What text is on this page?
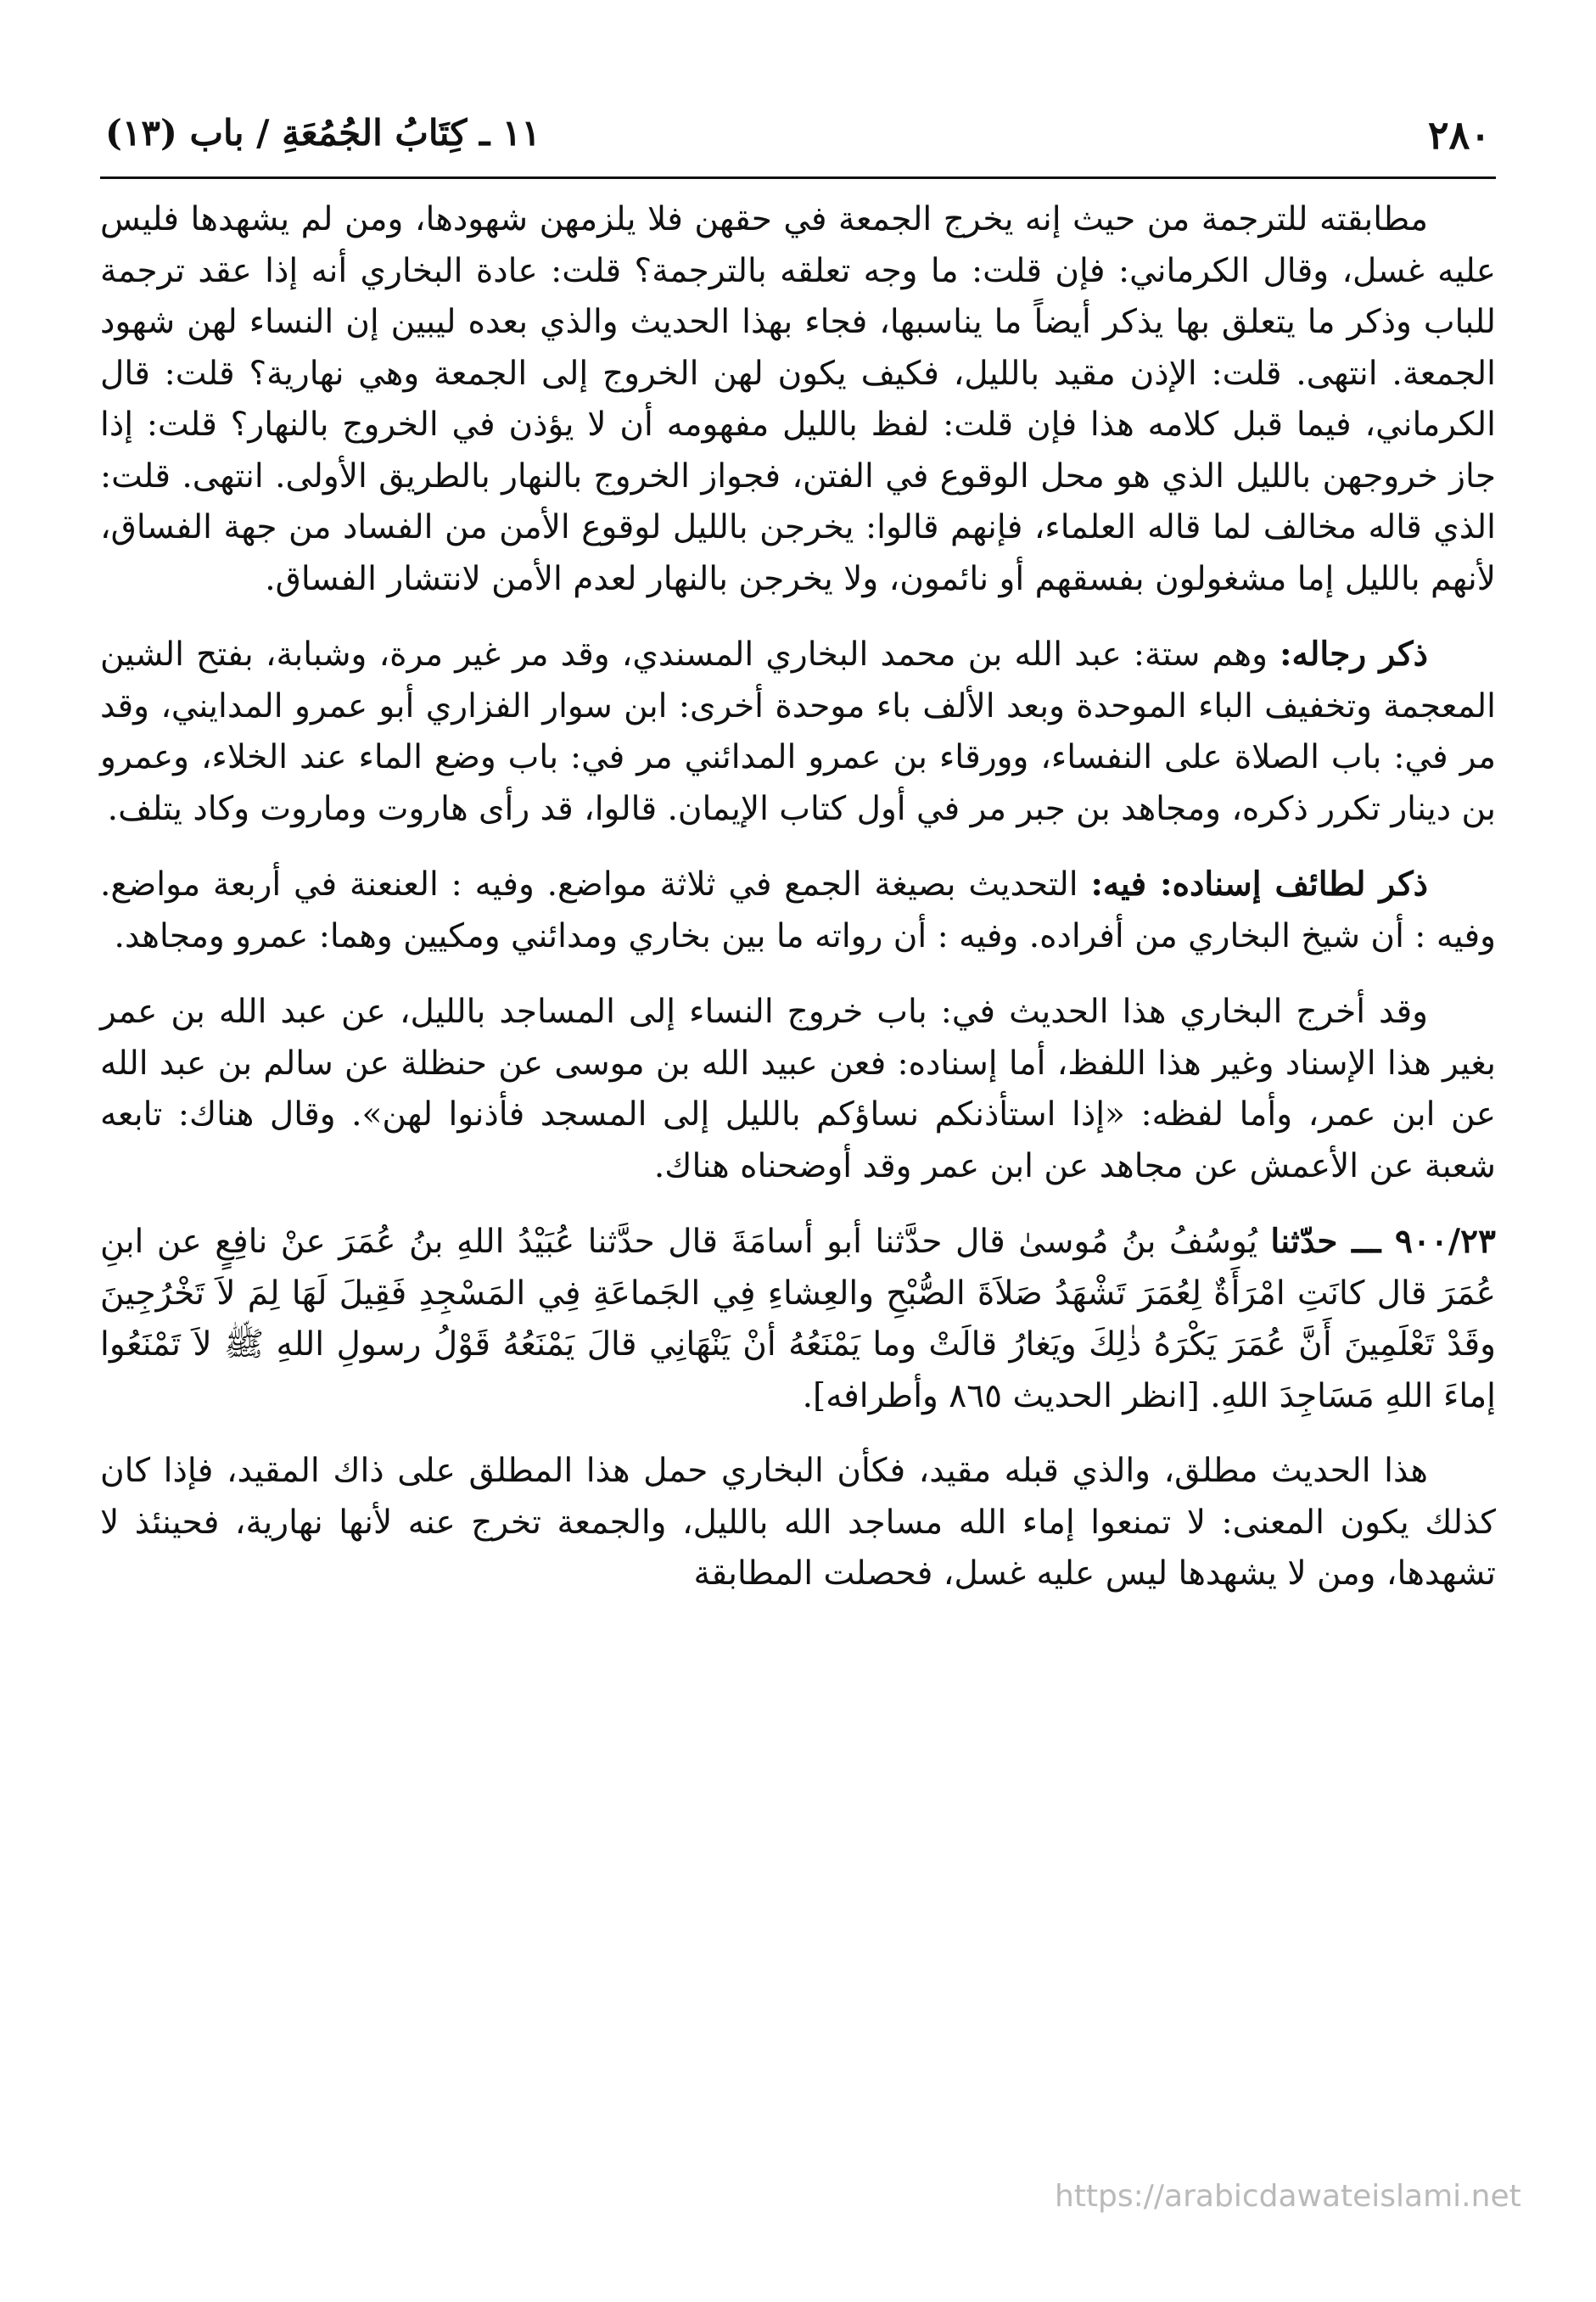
٢٨٠
١١ ـ كِتَابُ الجُمُعَةِ / باب (١٣)

مطابقته للترجمة من حيث إنه يخرج الجمعة في حقهن فلا يلزمهن شهودها، ومن لم يشهدها فليس عليه غسل، وقال الكرماني: فإن قلت: ما وجه تعلقه بالترجمة؟ قلت: عادة البخاري أنه إذا عقد ترجمة للباب وذكر ما يتعلق بها يذكر أيضاً ما يناسبها، فجاء بهذا الحديث والذي بعده ليبين إن النساء لهن شهود الجمعة. انتهى. قلت: الإذن مقيد بالليل، فكيف يكون لهن الخروج إلى الجمعة وهي نهارية؟ قلت: قال الكرماني، فيما قبل كلامه هذا فإن قلت: لفظ بالليل مفهومه أن لا يؤذن في الخروج بالنهار؟ قلت: إذا جاز خروجهن بالليل الذي هو محل الوقوع في الفتن، فجواز الخروج بالنهار بالطريق الأولى. انتهى. قلت: الذي قاله مخالف لما قاله العلماء، فإنهم قالوا: يخرجن بالليل لوقوع الأمن من الفساد من جهة الفساق، لأنهم بالليل إما مشغولون بفسقهم أو نائمون، ولا يخرجن بالنهار لعدم الأمن لانتشار الفساق.

ذكر رجاله: وهم ستة: عبد الله بن محمد البخاري المسندي، وقد مر غير مرة، وشبابة، بفتح الشين المعجمة وتخفيف الباء الموحدة وبعد الألف باء موحدة أخرى: ابن سوار الفزاري أبو عمرو المدايني، وقد مر في: باب الصلاة على النفساء، وورقاء بن عمرو المدائني مر في: باب وضع الماء عند الخلاء، وعمرو بن دينار تكرر ذكره، ومجاهد بن جبر مر في أول كتاب الإيمان. قالوا، قد رأى هاروت وماروت وكاد يتلف.

ذكر لطائف إسناده: فيه: التحديث بصيغة الجمع في ثلاثة مواضع. وفيه : العنعنة في أربعة مواضع. وفيه : أن شيخ البخاري من أفراده. وفيه : أن رواته ما بين بخاري ومدائني ومكيين وهما: عمرو ومجاهد.

وقد أخرج البخاري هذا الحديث في: باب خروج النساء إلى المساجد بالليل، عن عبد الله بن عمر بغير هذا الإسناد وغير هذا اللفظ، أما إسناده: فعن عبيد الله بن موسى عن حنظلة عن سالم بن عبد الله عن ابن عمر، وأما لفظه: «إذا استأذنكم نساؤكم بالليل إلى المسجد فأذنوا لهن». وقال هناك: تابعه شعبة عن الأعمش عن مجاهد عن ابن عمر وقد أوضحناه هناك.

٩٠٠/٢٣ ـــ حدّثنا يُوسُفُ بنُ مُوسىٰ قال حدَّثنا أبو أسامَةَ قال حدَّثنا عُبَيْدُ اللهِ بنُ عُمَرَ عنْ نافِعٍ عن ابنِ عُمَرَ قال كانَتِ امْرَأَةٌ لِعُمَرَ تَشْهَدُ صَلاَةَ الصُّبْحِ والعِشاءِ فِي الجَماعَةِ فِي المَسْجِدِ فَقِيلَ لَهَا لِمَ لاَ تَخْرُجِينَ وقَدْ تَعْلَمِينَ أَنَّ عُمَرَ يَكْرَهُ ذٰلِكَ ويَغارُ قالَتْ وما يَمْنَعُهُ أنْ يَنْهَانِي قالَ يَمْنَعُهُ قَوْلُ رسولِ اللهِ ﷺ لاَ تَمْنَعُوا إماءَ اللهِ مَسَاجِدَ اللهِ. [انظر الحديث ٨٦٥ وأطرافه].

هذا الحديث مطلق، والذي قبله مقيد، فكأن البخاري حمل هذا المطلق على ذاك المقيد، فإذا كان كذلك يكون المعنى: لا تمنعوا إماء الله مساجد الله بالليل، والجمعة تخرج عنه لأنها نهارية، فحينئذ لا تشهدها، ومن لا يشهدها ليس عليه غسل، فحصلت المطابقة

https://arabicdawateislami.net
